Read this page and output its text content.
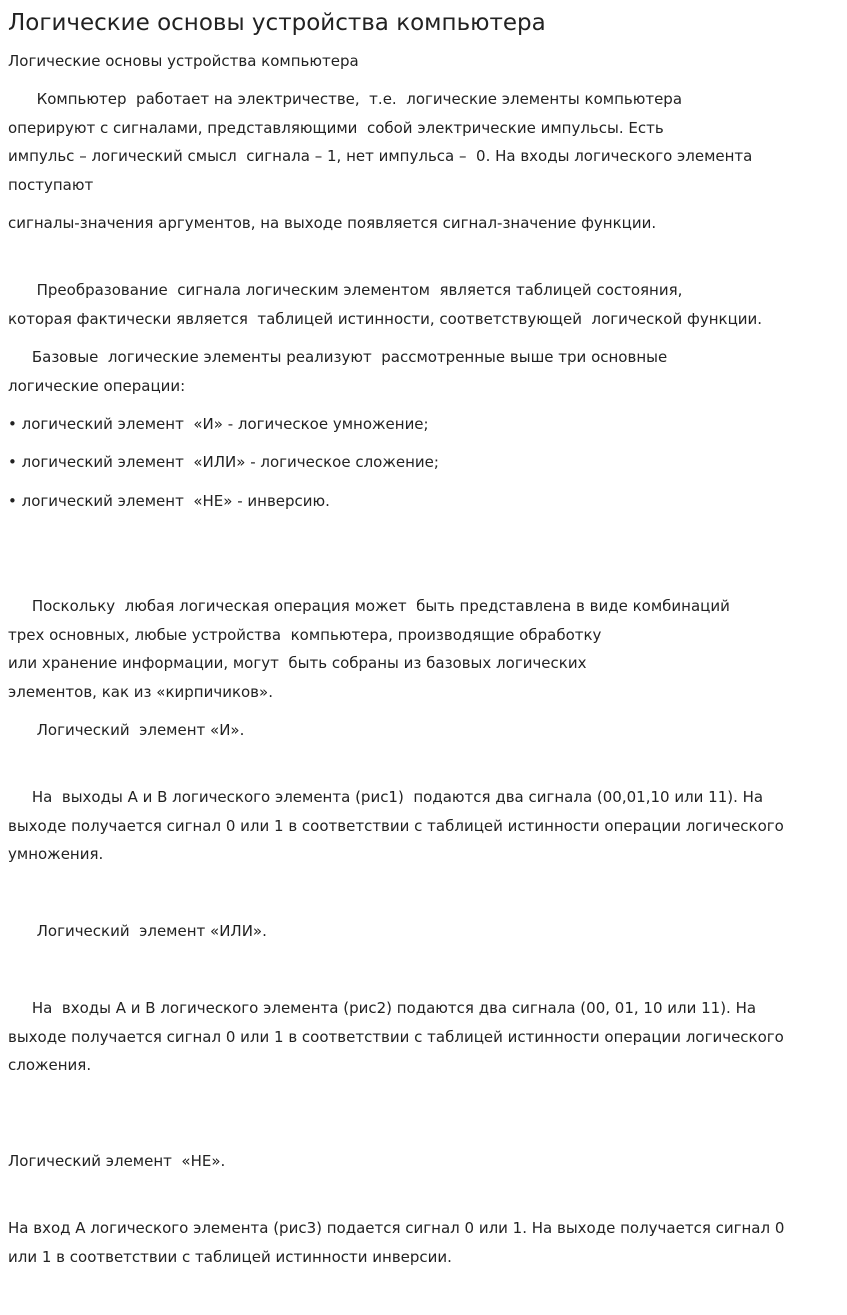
Логические основы устройства компьютера
Логические основы устройства компьютера

Компьютер  работает на электричестве,  т.е.  логические элементы компьютера
оперируют с сигналами, представляющими  собой электрические импульсы. Есть
импульс – логический смысл  сигнала – 1, нет импульса –  0. На входы логического элемента
поступают

сигналы-значения аргументов, на выходе появляется сигнал-значение функции.

Преобразование  сигнала логическим элементом  является таблицей состояния,
которая фактически является  таблицей истинности, соответствующей  логической функции.

Базовые  логические элементы реализуют  рассмотренные выше три основные
логические операции:

• логический элемент  «И» - логическое умножение;

• логический элемент  «ИЛИ» - логическое сложение;

• логический элемент  «НЕ» - инверсию.

Поскольку  любая логическая операция может  быть представлена в виде комбинаций
трех основных, любые устройства  компьютера, производящие обработку
или хранение информации, могут  быть собраны из базовых логических
элементов, как из «кирпичиков».

Логический  элемент «И».

На  выходы А и В логического элемента (рис1)  подаются два сигнала (00,01,10 или 11). На
выходе получается сигнал 0 или 1 в соответствии с таблицей истинности операции логического
умножения.

Логический  элемент «ИЛИ».

На  входы А и В логического элемента (рис2) подаются два сигнала (00, 01, 10 или 11). На
выходе получается сигнал 0 или 1 в соответствии с таблицей истинности операции логического
сложения.

Логический элемент  «НЕ».

На вход А логического элемента (рис3) подается сигнал 0 или 1. На выходе получается сигнал 0
или 1 в соответствии с таблицей истинности инверсии.
